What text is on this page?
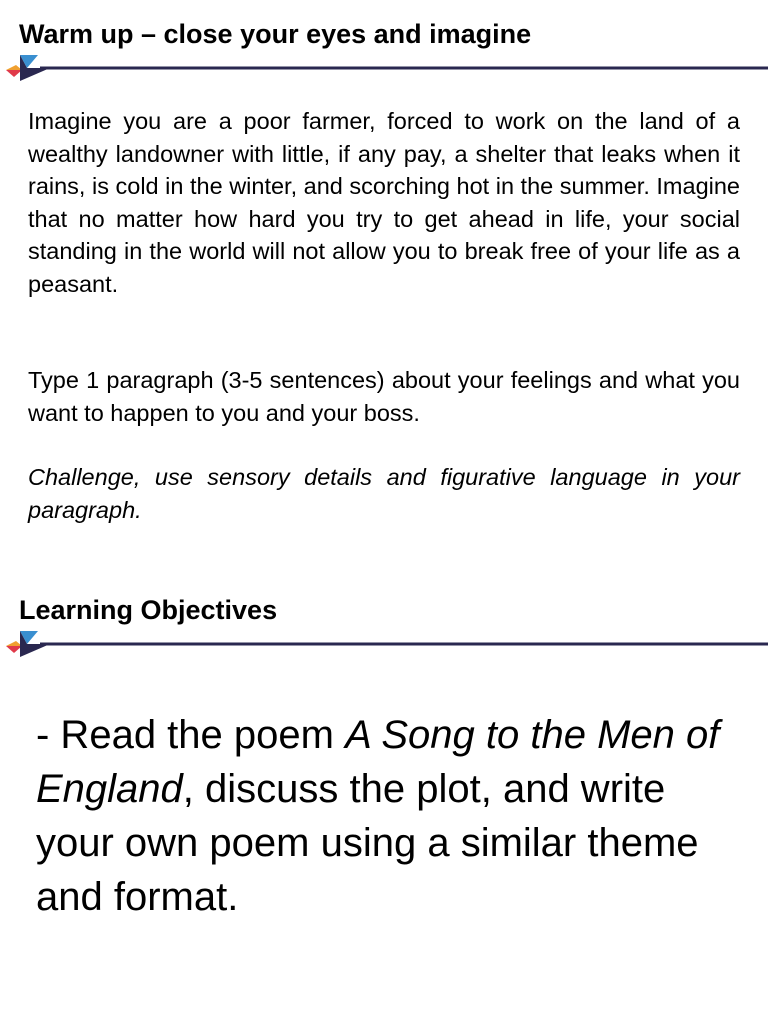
Warm up – close your eyes and imagine

Imagine you are a poor farmer, forced to work on the land of a wealthy landowner with little, if any pay, a shelter that leaks when it rains, is cold in the winter, and scorching hot in the summer. Imagine that no matter how hard you try to get ahead in life, your social standing in the world will not allow you to break free of your life as a peasant.

Type 1 paragraph (3-5 sentences) about your feelings and what you want to happen to you and your boss.

Challenge, use sensory details and figurative language in your paragraph.

Learning Objectives

- Read the poem A Song to the Men of England, discuss the plot, and write your own poem using a similar theme and format.
